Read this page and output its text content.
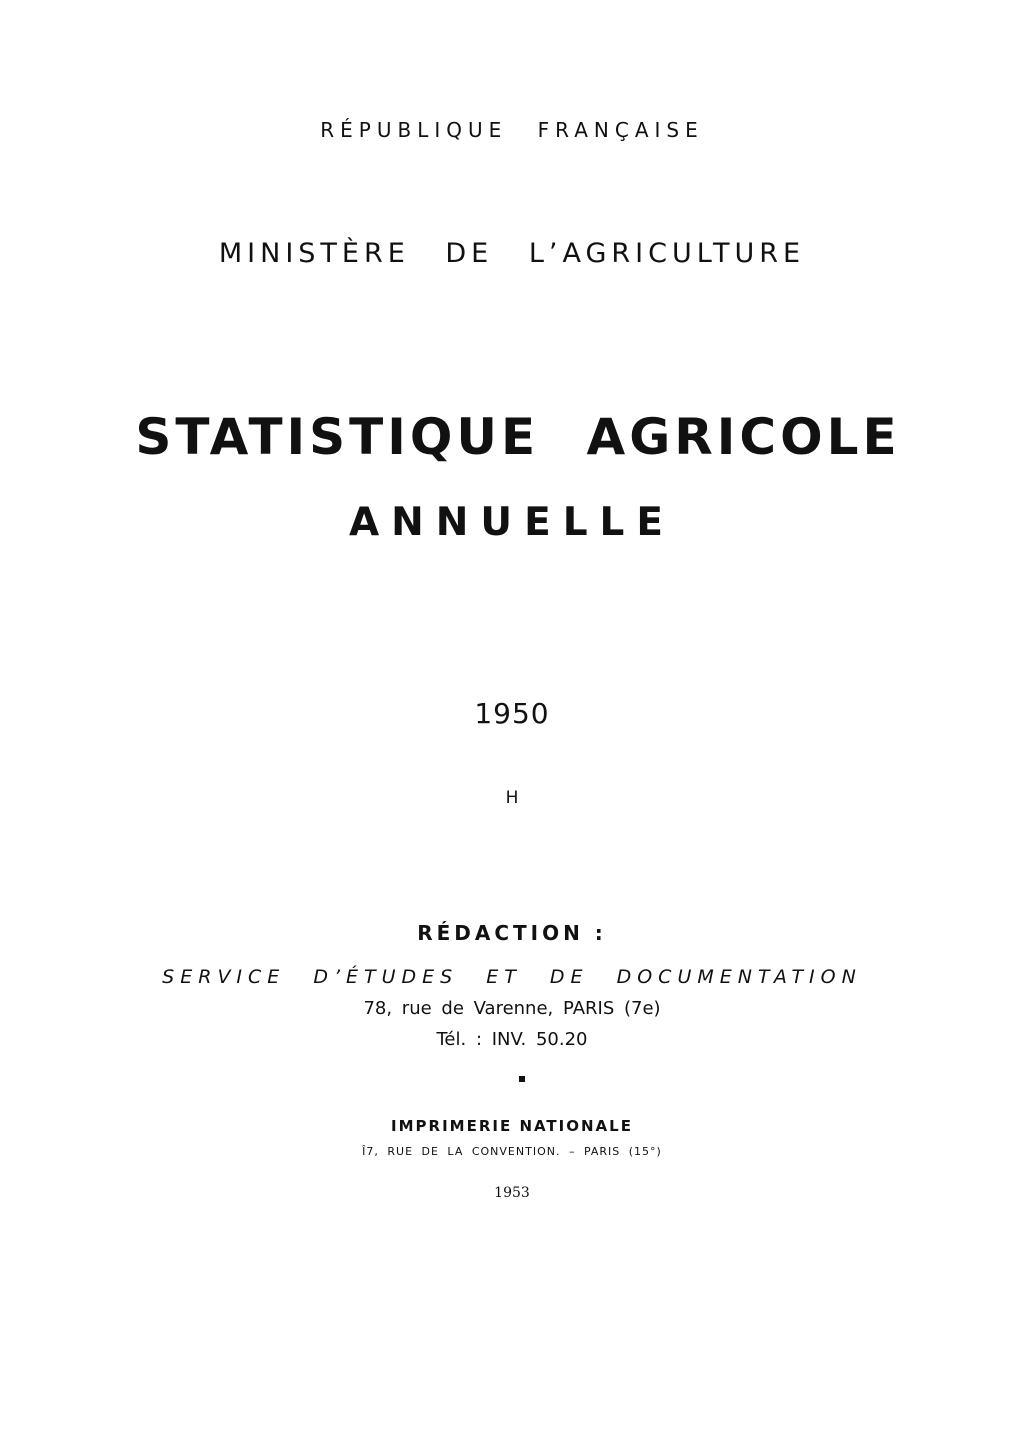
RÉPUBLIQUE FRANÇAISE
MINISTÈRE DE L’AGRICULTURE
STATISTIQUE AGRICOLE
ANNUELLE
1950
H
RÉDACTION :
SERVICE D’ÉTUDES ET DE DOCUMENTATION
78, rue de Varenne, PARIS (7e)
Tél. : INV. 50.20
IMPRIMERIE NATIONALE
Î7, RUE DE LA CONVENTION. – PARIS (15°)
1953
